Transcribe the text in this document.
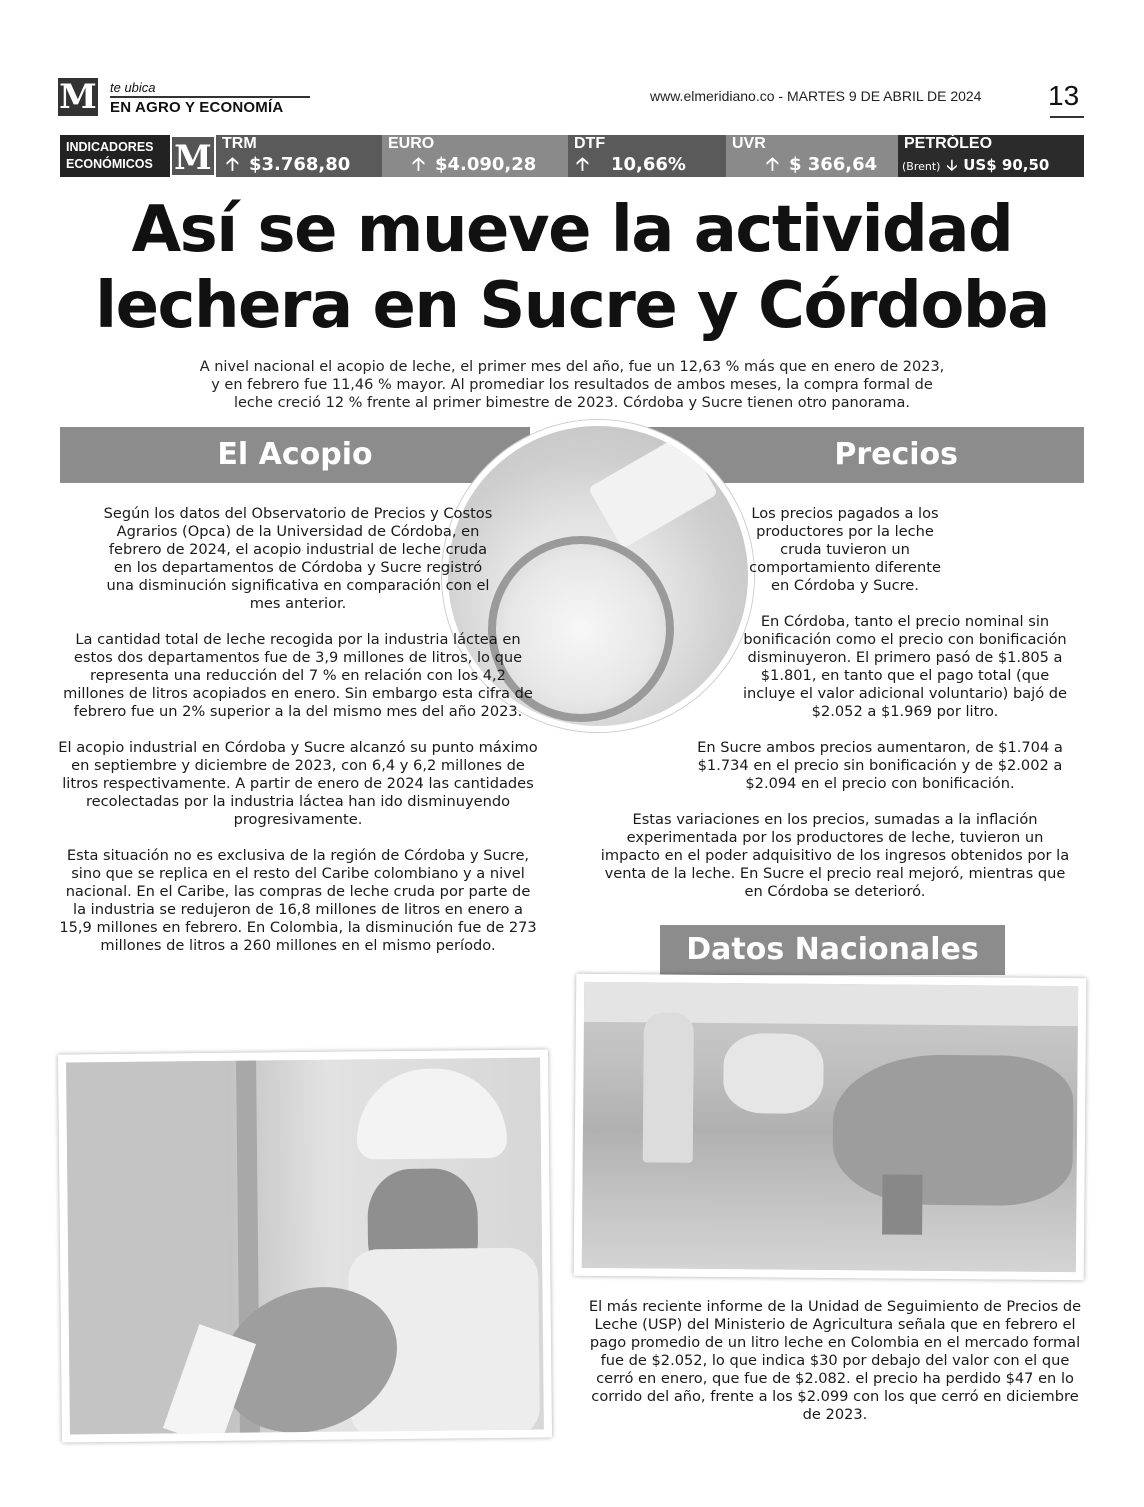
M te ubica
EN AGRO Y ECONOMÍA
www.elmeridiano.co - MARTES 9 DE ABRIL DE 2024 13
INDICADORES
ECONÓMICOS M TRM
🡡 $3.768,80
EURO
🡡 $4.090,28
DTF
🡡 10,66%
UVR
🡡 $ 366,64
PETRÓLEO
(Brent) 🡣 US$ 90,50
Así se mueve la actividad
lechera en Sucre y Córdoba
A nivel nacional el acopio de leche, el primer mes del año, fue un 12,63 % más que en enero de 2023,
y en febrero fue 11,46 % mayor. Al promediar los resultados de ambos meses, la compra formal de
leche creció 12 % frente al primer bimestre de 2023. Córdoba y Sucre tienen otro panorama.
El Acopio	Precios

Según los datos del Observatorio de Precios y Costos Agrarios (Opca) de la Universidad de Córdoba, en febrero de 2024, el acopio industrial de leche cruda en los departamentos de Córdoba y Sucre registró una disminución significativa en comparación con el mes anterior.

La cantidad total de leche recogida por la industria láctea en estos dos departamentos fue de 3,9 millones de litros, lo que representa una reducción del 7 % en relación con los 4,2 millones de litros acopiados en enero. Sin embargo esta cifra de febrero fue un 2% superior a la del mismo mes del año 2023.

El acopio industrial en Córdoba y Sucre alcanzó su punto máximo en septiembre y diciembre de 2023, con 6,4 y 6,2 millones de litros respectivamente. A partir de enero de 2024 las cantidades recolectadas por la industria láctea han ido disminuyendo progresivamente.

Esta situación no es exclusiva de la región de Córdoba y Sucre, sino que se replica en el resto del Caribe colombiano y a nivel nacional. En el Caribe, las compras de leche cruda por parte de la industria se redujeron de 16,8 millones de litros en enero a 15,9 millones en febrero. En Colombia, la disminución fue de 273 millones de litros a 260 millones en el mismo período.

Los precios pagados a los productores por la leche cruda tuvieron un comportamiento diferente en Córdoba y Sucre.

En Córdoba, tanto el precio nominal sin bonificación como el precio con bonificación disminuyeron. El primero pasó de $1.805 a $1.801, en tanto que el pago total (que incluye el valor adicional voluntario) bajó de $2.052 a $1.969 por litro.

En Sucre ambos precios aumentaron, de $1.704 a $1.734 en el precio sin bonificación y de $2.002 a $2.094 en el precio con bonificación.

Estas variaciones en los precios, sumadas a la inflación experimentada por los productores de leche, tuvieron un impacto en el poder adquisitivo de los ingresos obtenidos por la venta de la leche. En Sucre el precio real mejoró, mientras que en Córdoba se deterioró.

Datos Nacionales

El más reciente informe de la Unidad de Seguimiento de Precios de Leche (USP) del Ministerio de Agricultura señala que en febrero el pago promedio de un litro leche en Colombia en el mercado formal fue de $2.052, lo que indica $30 por debajo del valor con el que cerró en enero, que fue de $2.082. el precio ha perdido $47 en lo corrido del año, frente a los $2.099 con los que cerró en diciembre de 2023.
